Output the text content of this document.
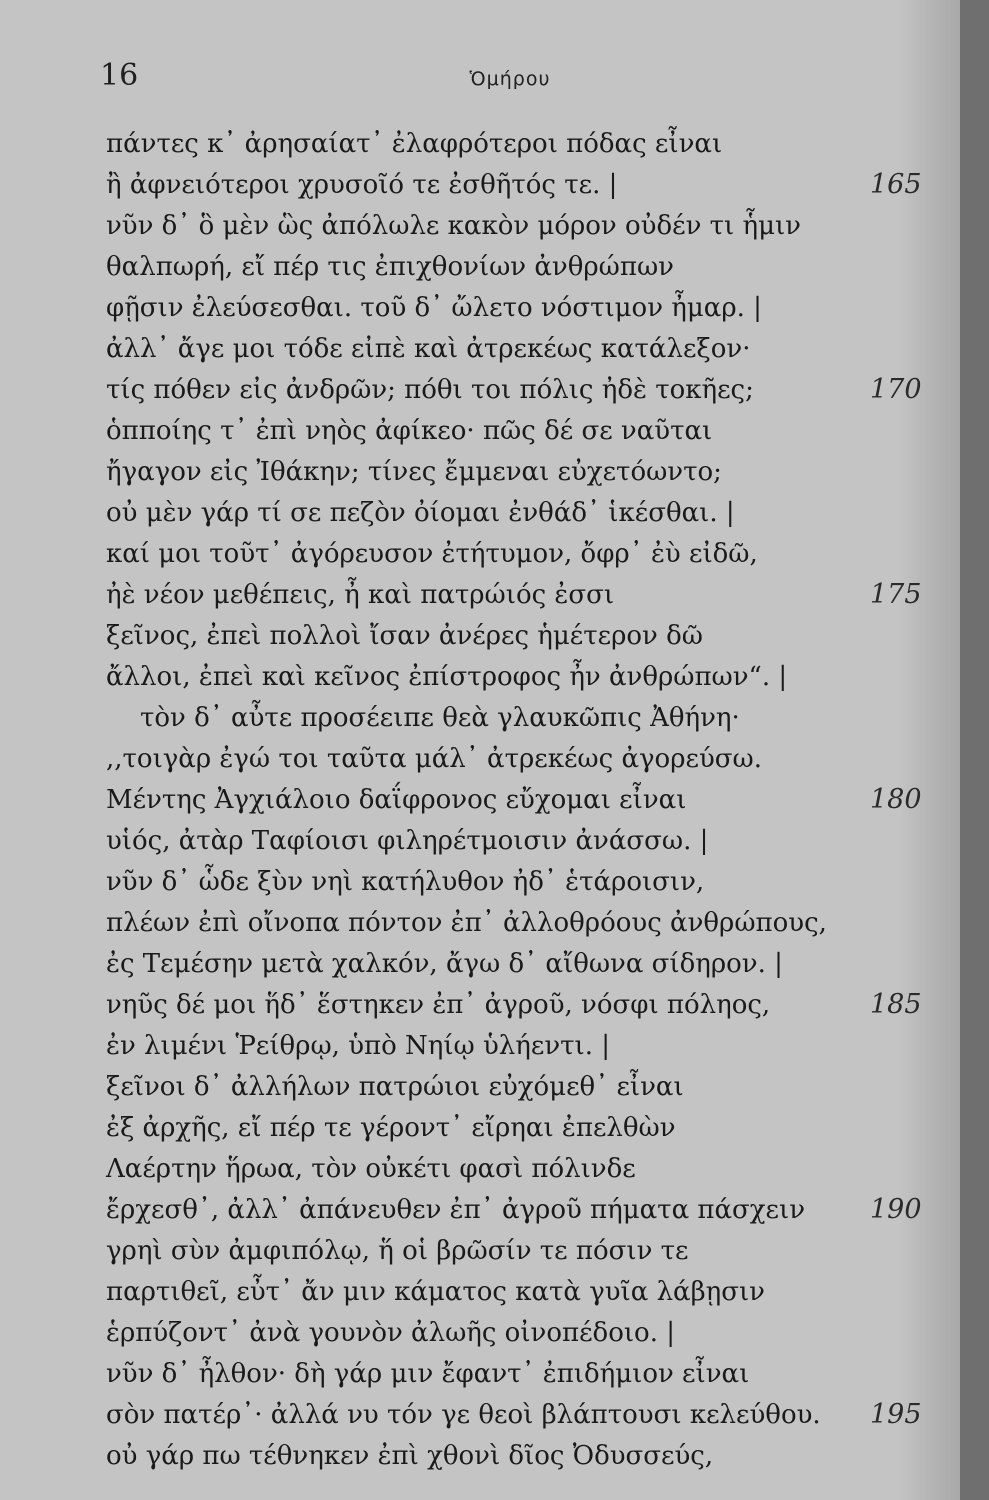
16	Ὁμήρου
πάντες κ᾽ ἀρησαίατ᾽ ἐλαφρότεροι πόδας εἶναι
ἢ ἀφνειότεροι χρυσοῖό τε ἐσθῆτός τε. |	165
νῦν δ᾽ ὃ μὲν ὣς ἀπόλωλε κακὸν μόρον οὐδέν τι ἧμιν
θαλπωρή, εἴ πέρ τις ἐπιχθονίων ἀνθρώπων
φῇσιν ἐλεύσεσθαι. τοῦ δ᾽ ὤλετο νόστιμον ἦμαρ. |
ἀλλ᾽ ἄγε μοι τόδε εἰπὲ καὶ ἀτρεκέως κατάλεξον·
τίς πόθεν εἰς ἀνδρῶν; πόθι τοι πόλις ἠδὲ τοκῆες;	170
ὁπποίης τ᾽ ἐπὶ νηὸς ἀφίκεο· πῶς δέ σε ναῦται
ἤγαγον εἰς Ἰθάκην; τίνες ἔμμεναι εὐχετόωντο;
οὐ μὲν γάρ τί σε πεζὸν ὀίομαι ἐνθάδ᾽ ἱκέσθαι. |
καί μοι τοῦτ᾽ ἀγόρευσον ἐτήτυμον, ὄφρ᾽ ἐὺ εἰδῶ,
ἠὲ νέον μεθέπεις, ἦ καὶ πατρώιός ἐσσι	175
ξεῖνος, ἐπεὶ πολλοὶ ἴσαν ἀνέρες ἡμέτερον δῶ
ἄλλοι, ἐπεὶ καὶ κεῖνος ἐπίστροφος ἦν ἀνθρώπων“. |
τὸν δ᾽ αὖτε προσέειπε θεὰ γλαυκῶπις Ἀθήνη·
,,τοιγὰρ ἐγώ τοι ταῦτα μάλ᾽ ἀτρεκέως ἀγορεύσω.
Μέντης Ἀγχιάλοιο δαΐφρονος εὔχομαι εἶναι	180
υἱός, ἀτὰρ Ταφίοισι φιληρέτμοισιν ἀνάσσω. |
νῦν δ᾽ ὧδε ξὺν νηὶ κατήλυθον ἠδ᾽ ἑτάροισιν,
πλέων ἐπὶ οἴνοπα πόντον ἐπ᾽ ἀλλοθρόους ἀνθρώπους,
ἐς Τεμέσην μετὰ χαλκόν, ἄγω δ᾽ αἴθωνα σίδηρον. |
νηῦς δέ μοι ἥδ᾽ ἕστηκεν ἐπ᾽ ἀγροῦ, νόσφι πόληος,	185
ἐν λιμένι Ῥείθρῳ, ὑπὸ Νηίῳ ὑλήεντι. |
ξεῖνοι δ᾽ ἀλλήλων πατρώιοι εὐχόμεθ᾽ εἶναι
ἐξ ἀρχῆς, εἴ πέρ τε γέροντ᾽ εἴρηαι ἐπελθὼν
Λαέρτην ἥρωα, τὸν οὐκέτι φασὶ πόλινδε
ἔρχεσθ᾽, ἀλλ᾽ ἀπάνευθεν ἐπ᾽ ἀγροῦ πήματα πάσχειν 190
γρηὶ σὺν ἀμφιπόλῳ, ἥ οἱ βρῶσίν τε πόσιν τε
παρτιθεῖ, εὖτ᾽ ἄν μιν κάματος κατὰ γυῖα λάβῃσιν
ἑρπύζοντ᾽ ἀνὰ γουνὸν ἀλωῆς οἰνοπέδοιο. |
νῦν δ᾽ ἦλθον· δὴ γάρ μιν ἔφαντ᾽ ἐπιδήμιον εἶναι
σὸν πατέρ᾽· ἀλλά νυ τόν γε θεοὶ βλάπτουσι κελεύθου. 195
οὐ γάρ πω τέθνηκεν ἐπὶ χθονὶ δῖος Ὀδυσσεύς,
